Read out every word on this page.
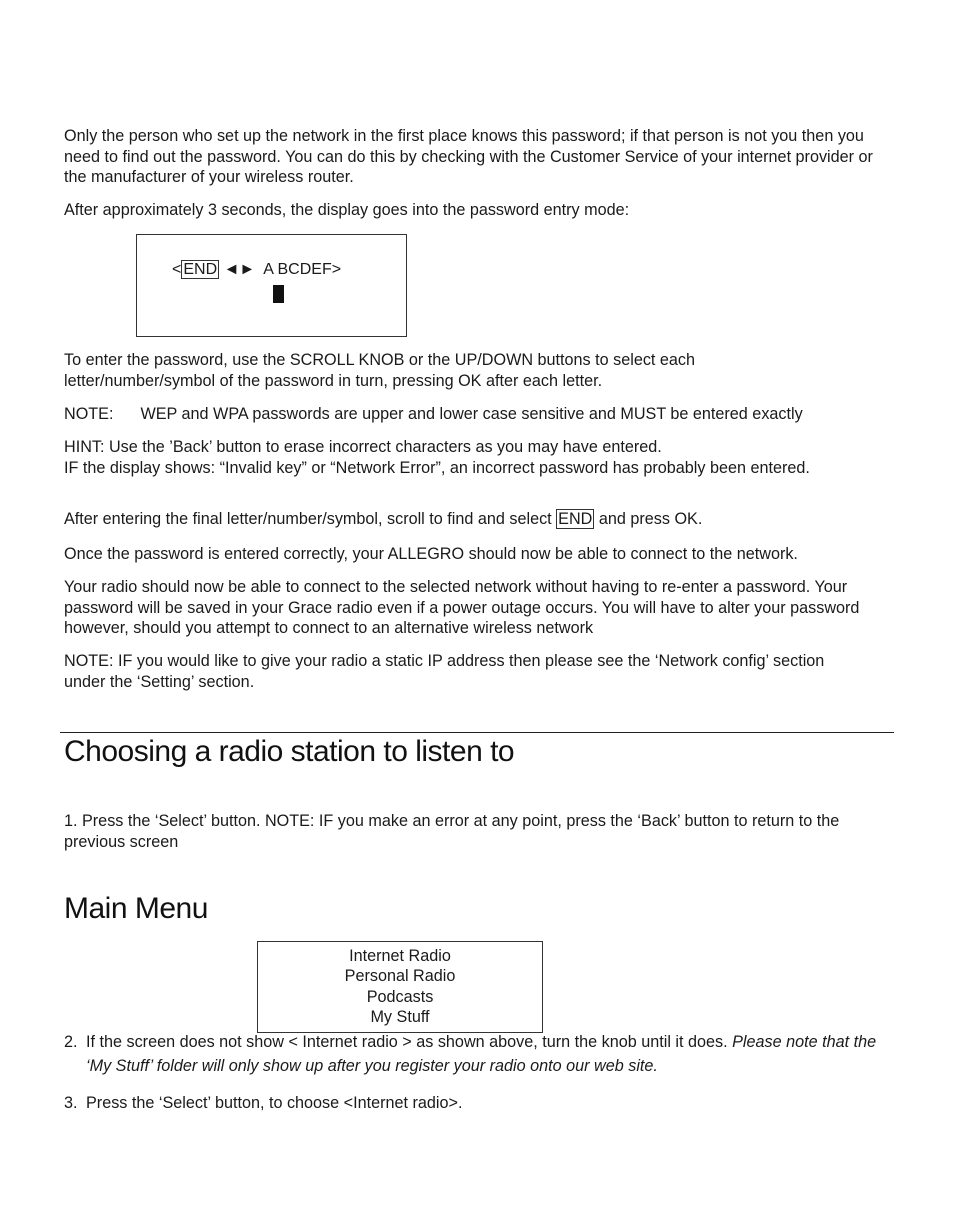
Only the person who set up the network in the first place knows this password; if that person is not you then you need to find out the password. You can do this by checking with the Customer Service of your internet provider or the manufacturer of your wireless router.

After approximately 3 seconds, the display goes into the password entry mode:

< END ◄►  A BCDEF>

To enter the password, use the SCROLL KNOB or the UP/DOWN buttons to select each letter/number/symbol of the password in turn, pressing OK after each letter.

NOTE: WEP and WPA passwords are upper and lower case sensitive and MUST be entered exactly

HINT: Use the ’Back’ button to erase incorrect characters as you may have entered.
IF the display shows: “Invalid key” or “Network Error”, an incorrect password has probably been entered.

After entering the final letter/number/symbol, scroll to find and select END and press OK.

Once the password is entered correctly, your ALLEGRO should now be able to connect to the network.

Your radio should now be able to connect to the selected network without having to re-enter a password. Your password will be saved in your Grace radio even if a power outage occurs. You will have to alter your password however, should you attempt to connect to an alternative wireless network

NOTE: IF you would like to give your radio a static IP address then please see the ‘Network config’ section under the ‘Setting’ section.

Choosing a radio station to listen to

1. Press the ‘Select’ button. NOTE: IF you make an error at any point, press the ‘Back’ button to return to the previous screen

Main Menu
Internet Radio
Personal Radio
Podcasts
My Stuff
2. If the screen does not show < Internet radio > as shown above, turn the knob until it does. Please note that the ‘My Stuff’ folder will only show up after you register your radio onto our web site.
3. Press the ‘Select’ button, to choose <Internet radio>.
